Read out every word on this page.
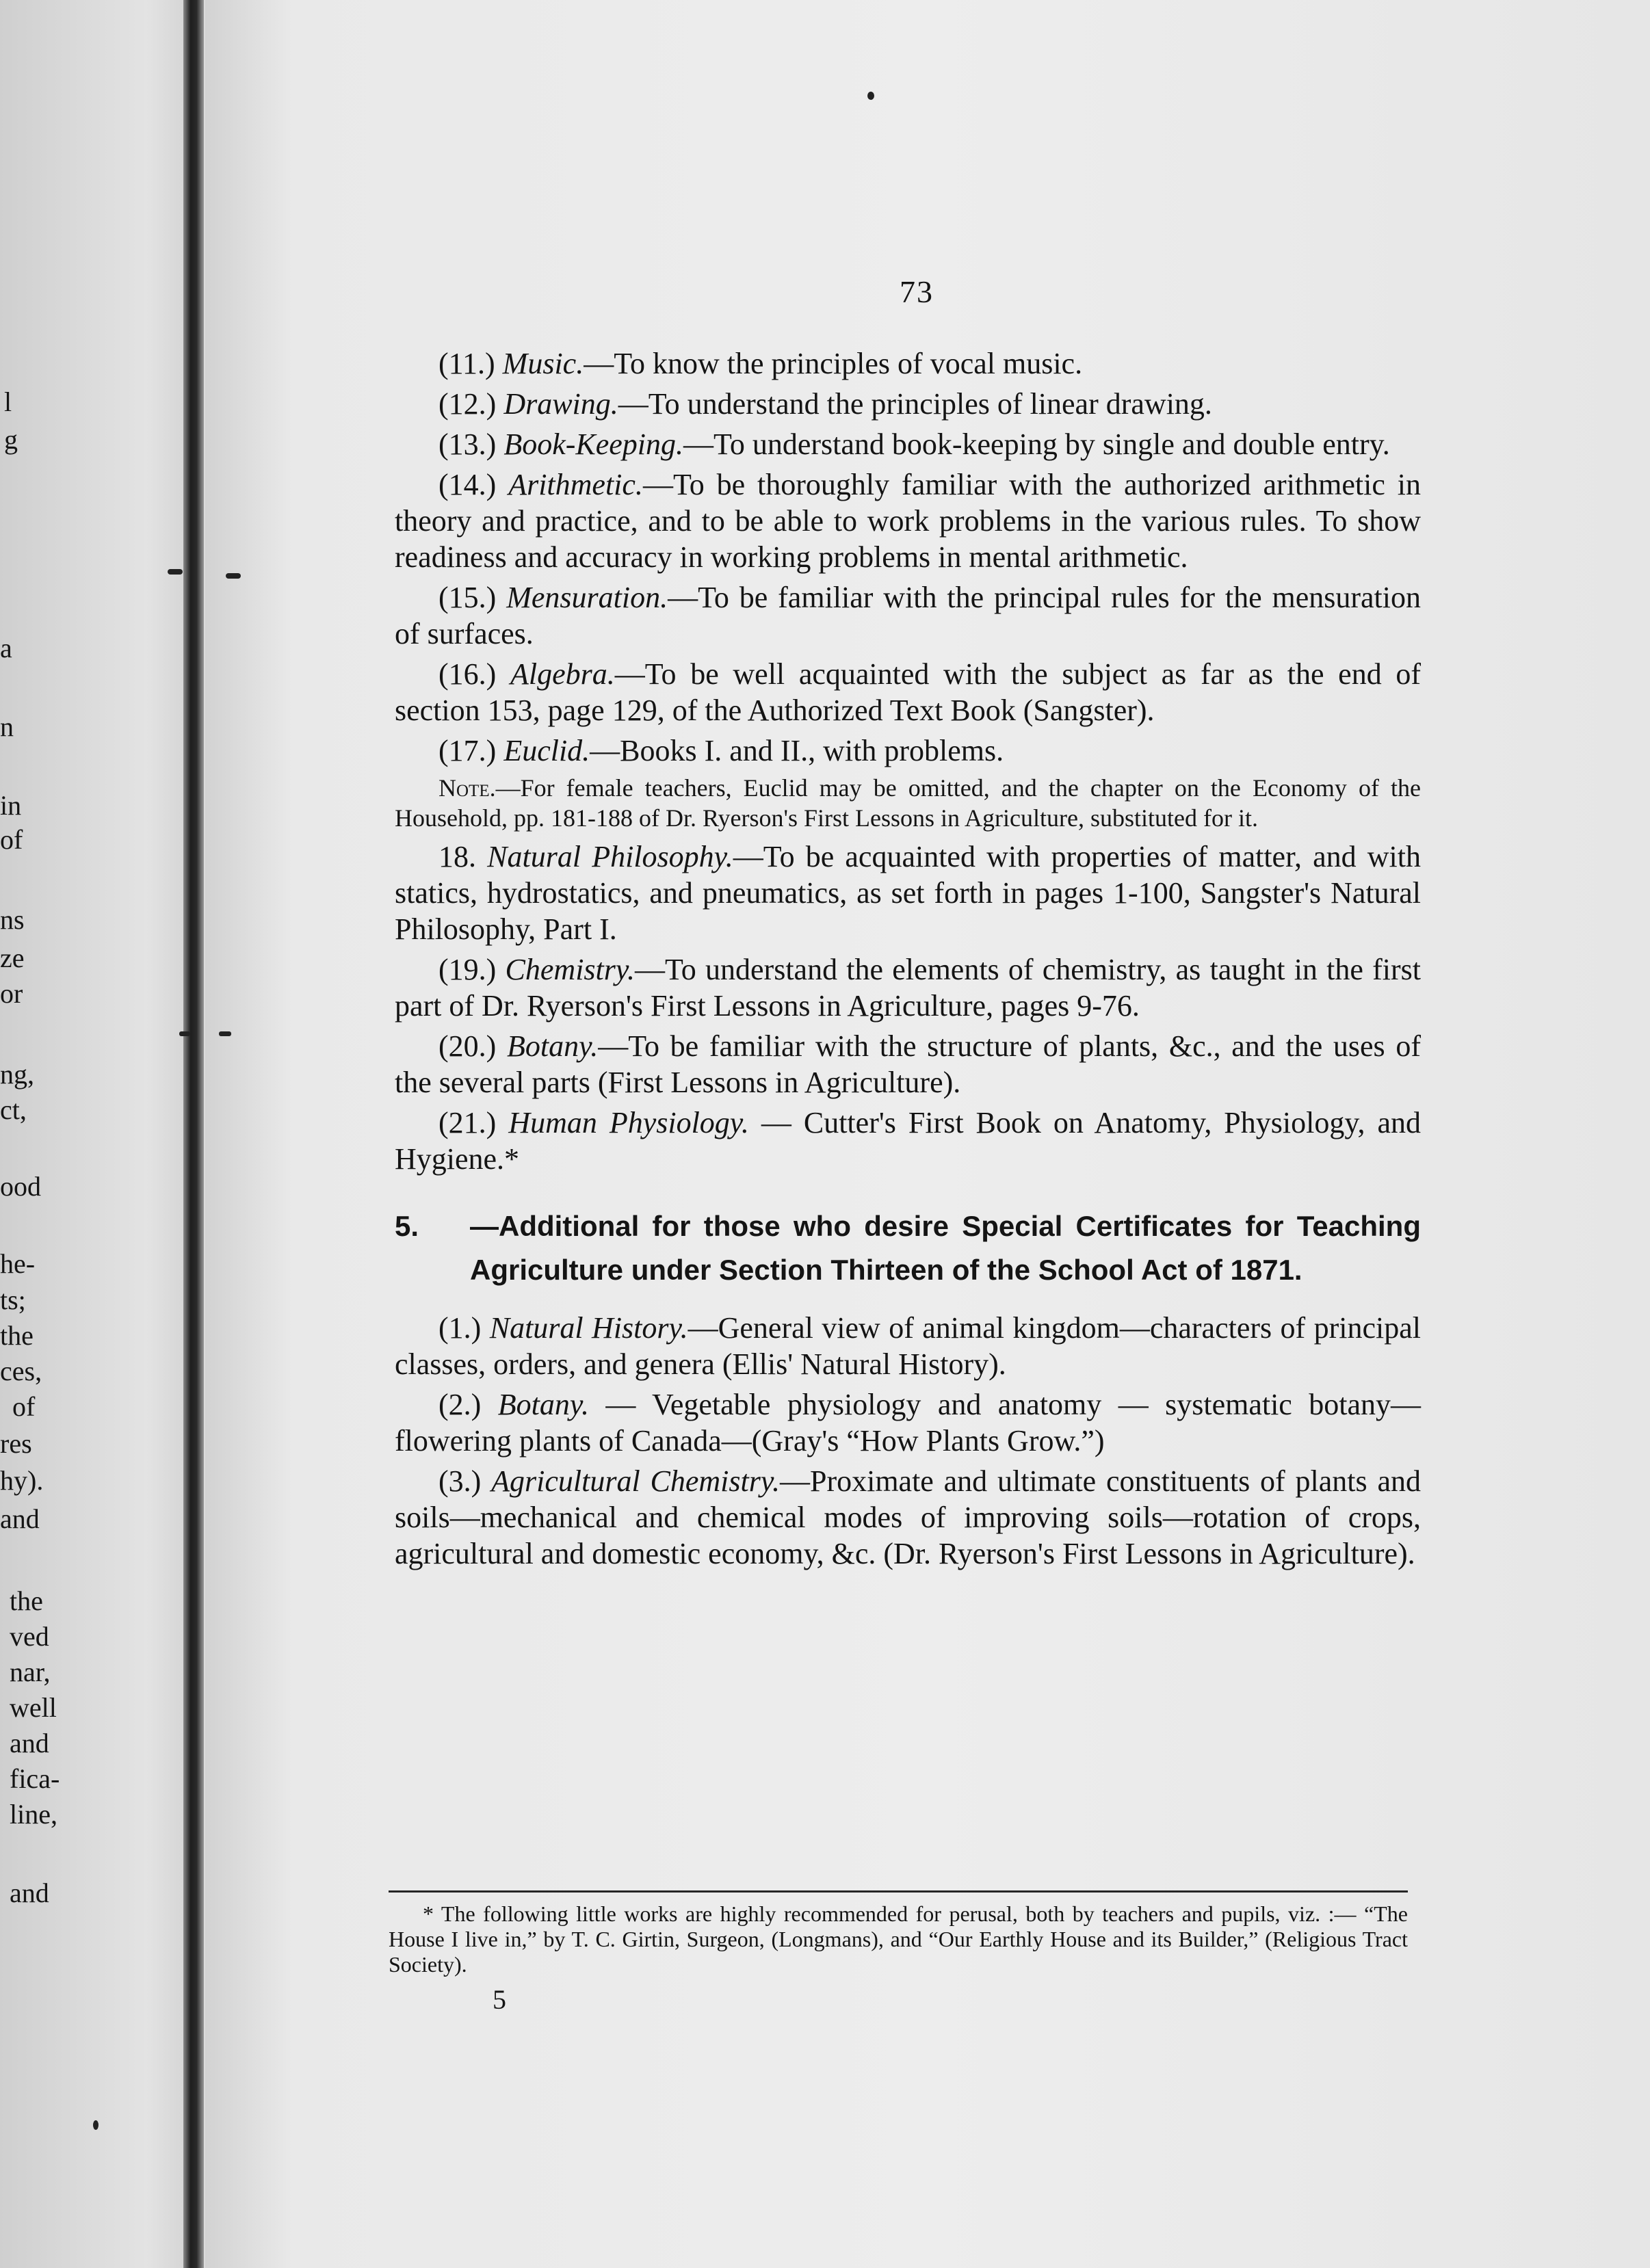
l
g
a
n
in
of
ns
ze
or
ng,
ct,
ood
he-
ts;
the
ces,
of
res
hy).
and
the
ved
nar,
well
and
fica-
line,
and
73

(11.) Music.—To know the principles of vocal music.

(12.) Drawing.—To understand the principles of linear drawing.

(13.) Book-Keeping.—To understand book-keeping by single and double entry.

(14.) Arithmetic.—To be thoroughly familiar with the authorized arithmetic in theory and practice, and to be able to work problems in the various rules. To show readiness and accuracy in working problems in mental arithmetic.

(15.) Mensuration.—To be familiar with the principal rules for the mensuration of surfaces.

(16.) Algebra.—To be well acquainted with the subject as far as the end of section 153, page 129, of the Authorized Text Book (Sangster).

(17.) Euclid.—Books I. and II., with problems.

Note.—For female teachers, Euclid may be omitted, and the chapter on the Economy of the Household, pp. 181-188 of Dr. Ryerson's First Lessons in Agriculture, substituted for it.

18. Natural Philosophy.—To be acquainted with properties of matter, and with statics, hydrostatics, and pneumatics, as set forth in pages 1-100, Sangster's Natural Philosophy, Part I.

(19.) Chemistry.—To understand the elements of chemistry, as taught in the first part of Dr. Ryerson's First Lessons in Agriculture, pages 9-76.

(20.) Botany.—To be familiar with the structure of plants, &c., and the uses of the several parts (First Lessons in Agriculture).

(21.) Human Physiology. — Cutter's First Book on Anatomy, Physiology, and Hygiene.*

5. —Additional for those who desire Special Certificates for Teaching Agriculture under Section Thirteen of the School Act of 1871.

(1.) Natural History.—General view of animal kingdom—characters of principal classes, orders, and genera (Ellis' Natural History).

(2.) Botany. — Vegetable physiology and anatomy — systematic botany—flowering plants of Canada—(Gray's “How Plants Grow.”)

(3.) Agricultural Chemistry.—Proximate and ultimate constituents of plants and soils—mechanical and chemical modes of improving soils—rotation of crops, agricultural and domestic economy, &c. (Dr. Ryerson's First Lessons in Agriculture).

* The following little works are highly recommended for perusal, both by teachers and pupils, viz. :— “The House I live in,” by T. C. Girtin, Surgeon, (Longmans), and “Our Earthly House and its Builder,” (Religious Tract Society).

5
